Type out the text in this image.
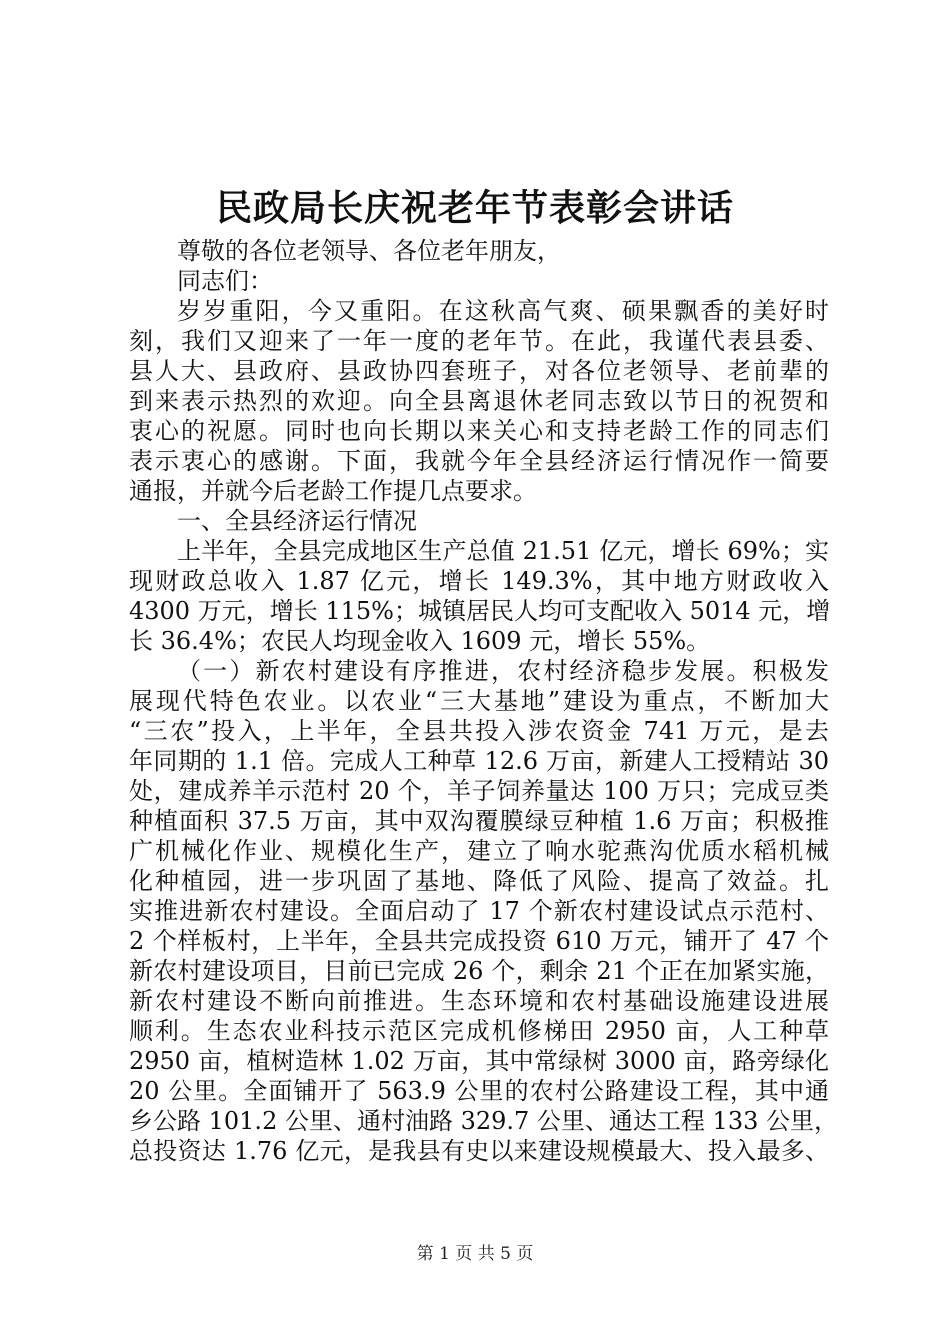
民政局长庆祝老年节表彰会讲话
尊敬的各位老领导、各位老年朋友，
同志们：
岁岁重阳，今又重阳。在这秋高气爽、硕果飘香的美好时
刻，我们又迎来了一年一度的老年节。在此，我谨代表县委、
县人大、县政府、县政协四套班子，对各位老领导、老前辈的
到来表示热烈的欢迎。向全县离退休老同志致以节日的祝贺和
衷心的祝愿。同时也向长期以来关心和支持老龄工作的同志们
表示衷心的感谢。下面，我就今年全县经济运行情况作一简要
通报，并就今后老龄工作提几点要求。
一、全县经济运行情况
上半年，全县完成地区生产总值 21.51 亿元，增长 69%；实
现财政总收入 1.87 亿元，增长 149.3%，其中地方财政收入
4300 万元，增长 115%；城镇居民人均可支配收入 5014 元，增
长 36.4%；农民人均现金收入 1609 元，增长 55%。
（一）新农村建设有序推进，农村经济稳步发展。积极发
展现代特色农业。以农业“三大基地”建设为重点，不断加大
“三农”投入，上半年，全县共投入涉农资金 741 万元，是去
年同期的 1.1 倍。完成人工种草 12.6 万亩，新建人工授精站 30
处，建成养羊示范村 20 个，羊子饲养量达 100 万只；完成豆类
种植面积 37.5 万亩，其中双沟覆膜绿豆种植 1.6 万亩；积极推
广机械化作业、规模化生产，建立了响水驼燕沟优质水稻机械
化种植园，进一步巩固了基地、降低了风险、提高了效益。扎
实推进新农村建设。全面启动了 17 个新农村建设试点示范村、
2 个样板村，上半年，全县共完成投资 610 万元，铺开了 47 个
新农村建设项目，目前已完成 26 个，剩余 21 个正在加紧实施，
新农村建设不断向前推进。生态环境和农村基础设施建设进展
顺利。生态农业科技示范区完成机修梯田 2950 亩，人工种草
2950 亩，植树造林 1.02 万亩，其中常绿树 3000 亩，路旁绿化
20 公里。全面铺开了 563.9 公里的农村公路建设工程，其中通
乡公路 101.2 公里、通村油路 329.7 公里、通达工程 133 公里，
总投资达 1.76 亿元，是我县有史以来建设规模最大、投入最多、
第 1 页 共 5 页
